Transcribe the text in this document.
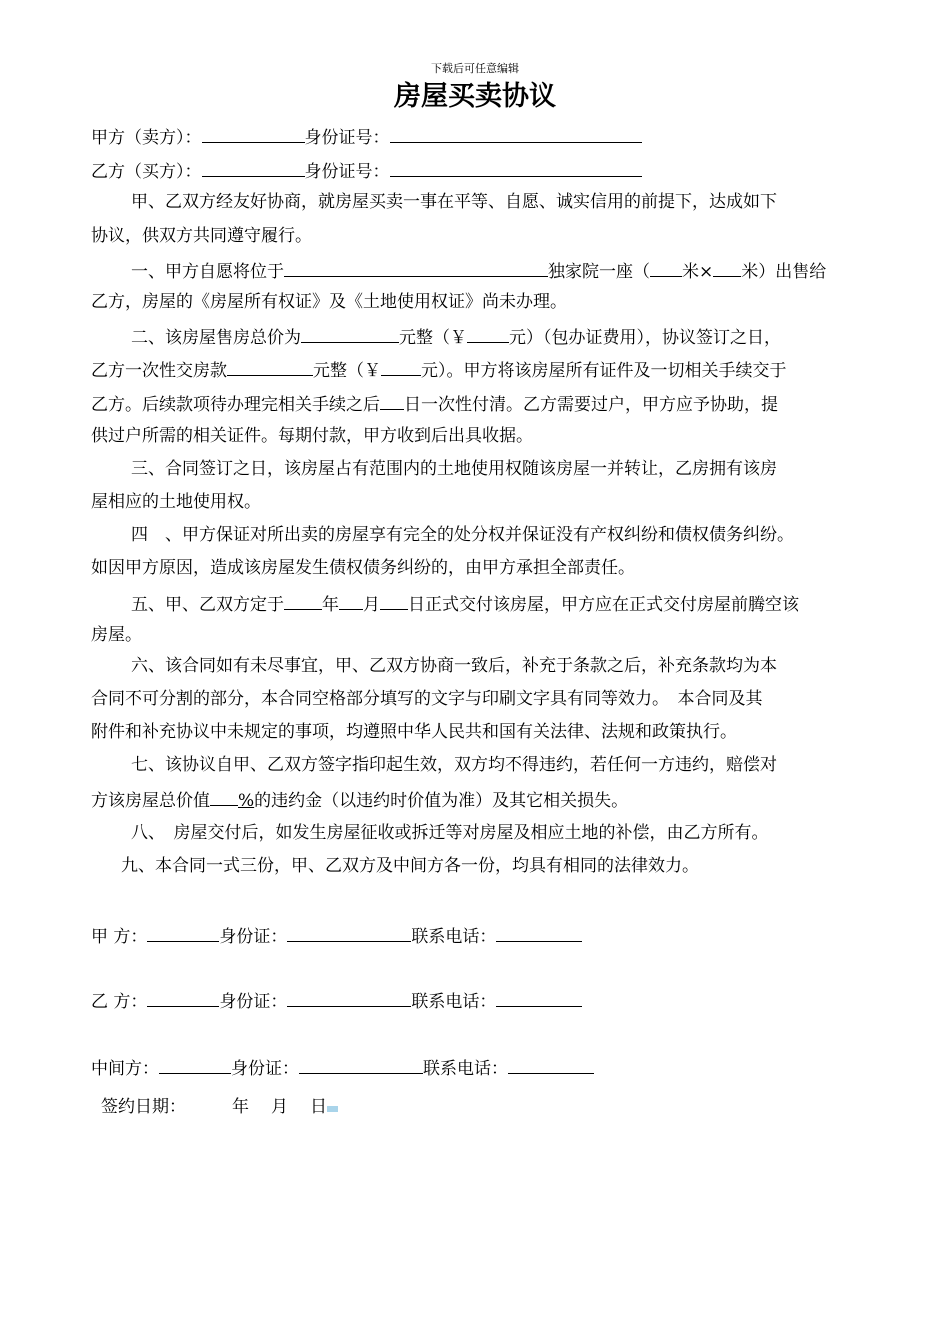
下载后可任意编辑
房屋买卖协议
甲方（卖方）：	身份证号：
乙方（买方）：	身份证号：
甲、乙双方经友好协商，就房屋买卖一事在平等、自愿、诚实信用的前提下，达成如下
协议，供双方共同遵守履行。
一、甲方自愿将位于	独家院一座（ 米× 米）出售给
乙方，房屋的《房屋所有权证》及《土地使用权证》尚未办理。
二、该房屋售房总价为	元整（￥ 元）（包办证费用），协议签订之日，
乙方一次性交房款	元整（￥ 元）。甲方将该房屋所有证件及一切相关手续交于
乙方。后续款项待办理完相关手续之后 日一次性付清。乙方需要过户，甲方应予协助，提
供过户所需的相关证件。每期付款，甲方收到后出具收据。
三、合同签订之日，该房屋占有范围内的土地使用权随该房屋一并转让，乙房拥有该房
屋相应的土地使用权。
四　、甲方保证对所出卖的房屋享有完全的处分权并保证没有产权纠纷和债权债务纠纷。
如因甲方原因，造成该房屋发生债权债务纠纷的，由甲方承担全部责任。
五、甲、乙双方定于 年 月 日正式交付该房屋，甲方应在正式交付房屋前腾空该
房屋。
六、该合同如有未尽事宜，甲、乙双方协商一致后，补充于条款之后，补充条款均为本
合同不可分割的部分，本合同空格部分填写的文字与印刷文字具有同等效力。　本合同及其
附件和补充协议中未规定的事项，均遵照中华人民共和国有关法律、法规和政策执行。
七、该协议自甲、乙双方签字指印起生效，双方均不得违约，若任何一方违约，赔偿对
方该房屋总价值 %的违约金（以违约时价值为准）及其它相关损失。
八、　房屋交付后，如发生房屋征收或拆迁等对房屋及相应土地的补偿，由乙方所有。
九、本合同一式三份，甲、乙双方及中间方各一份，均具有相同的法律效力。
甲 方：	身份证：	联系电话：
乙 方：	身份证：	联系电话：
中间方：	身份证：	联系电话：
签约日期：	年 月 日
